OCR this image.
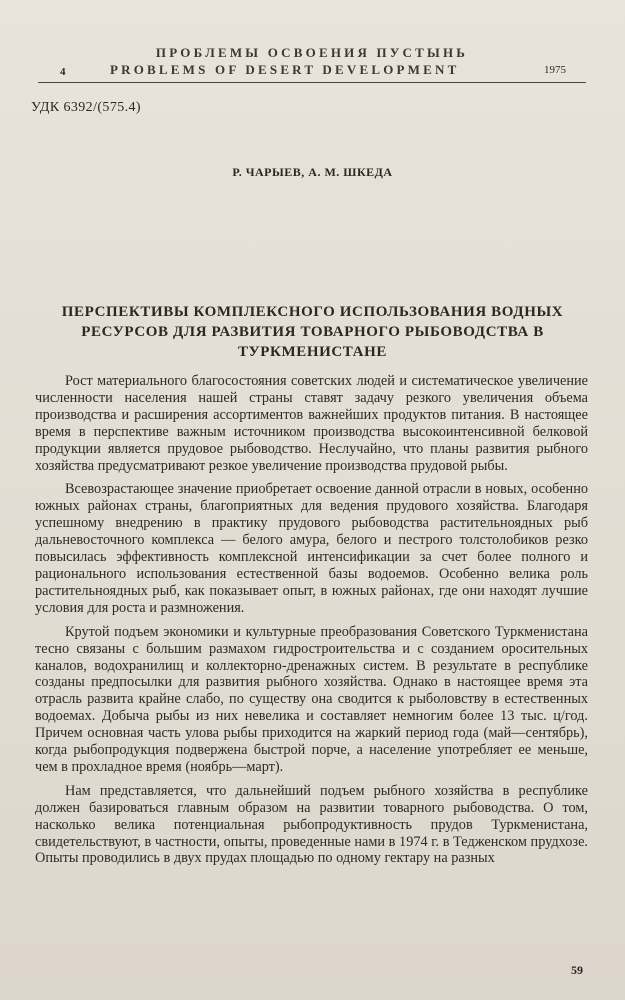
ПРОБЛЕМЫ ОСВОЕНИЯ ПУСТЫНЬ
4	PROBLEMS OF DESERT DEVELOPMENT	1975
УДК 6392/(575.4)
Р. ЧАРЫЕВ, А. М. ШКЕДА
ПЕРСПЕКТИВЫ КОМПЛЕКСНОГО ИСПОЛЬЗОВАНИЯ ВОДНЫХ РЕСУРСОВ ДЛЯ РАЗВИТИЯ ТОВАРНОГО РЫБОВОДСТВА В ТУРКМЕНИСТАНЕ

Рост материального благосостояния советских людей и систематическое увеличение численности населения нашей страны ставят задачу резкого увеличения объема производства и расширения ассортиментов важнейших продуктов питания. В настоящее время в перспективе важным источником производства высокоинтенсивной белковой продукции является прудовое рыбоводство. Неслучайно, что планы развития рыбного хозяйства предусматривают резкое увеличение производства прудовой рыбы.

Всевозрастающее значение приобретает освоение данной отрасли в новых, особенно южных районах страны, благоприятных для ведения прудового хозяйства. Благодаря успешному внедрению в практику прудового рыбоводства растительноядных рыб дальневосточного комплекса — белого амура, белого и пестрого толстолобиков резко повысилась эффективность комплексной интенсификации за счет более полного и рационального использования естественной базы водоемов. Особенно велика роль растительноядных рыб, как показывает опыт, в южных районах, где они находят лучшие условия для роста и размножения.

Крутой подъем экономики и культурные преобразования Советского Туркменистана тесно связаны с большим размахом гидростроительства и с созданием оросительных каналов, водохранилищ и коллекторно-дренажных систем. В результате в республике созданы предпосылки для развития рыбного хозяйства. Однако в настоящее время эта отрасль развита крайне слабо, по существу она сводится к рыболовству в естественных водоемах. Добыча рыбы из них невелика и составляет немногим более 13 тыс. ц/год. Причем основная часть улова рыбы приходится на жаркий период года (май—сентябрь), когда рыбопродукция подвержена быстрой порче, а население употребляет ее меньше, чем в прохладное время (ноябрь—март).

Нам представляется, что дальнейший подъем рыбного хозяйства в республике должен базироваться главным образом на развитии товарного рыбоводства. О том, насколько велика потенциальная рыбопродуктивность прудов Туркменистана, свидетельствуют, в частности, опыты, проведенные нами в 1974 г. в Тедженском прудхозе. Опыты проводились в двух прудах площадью по одному гектару на разных

59
